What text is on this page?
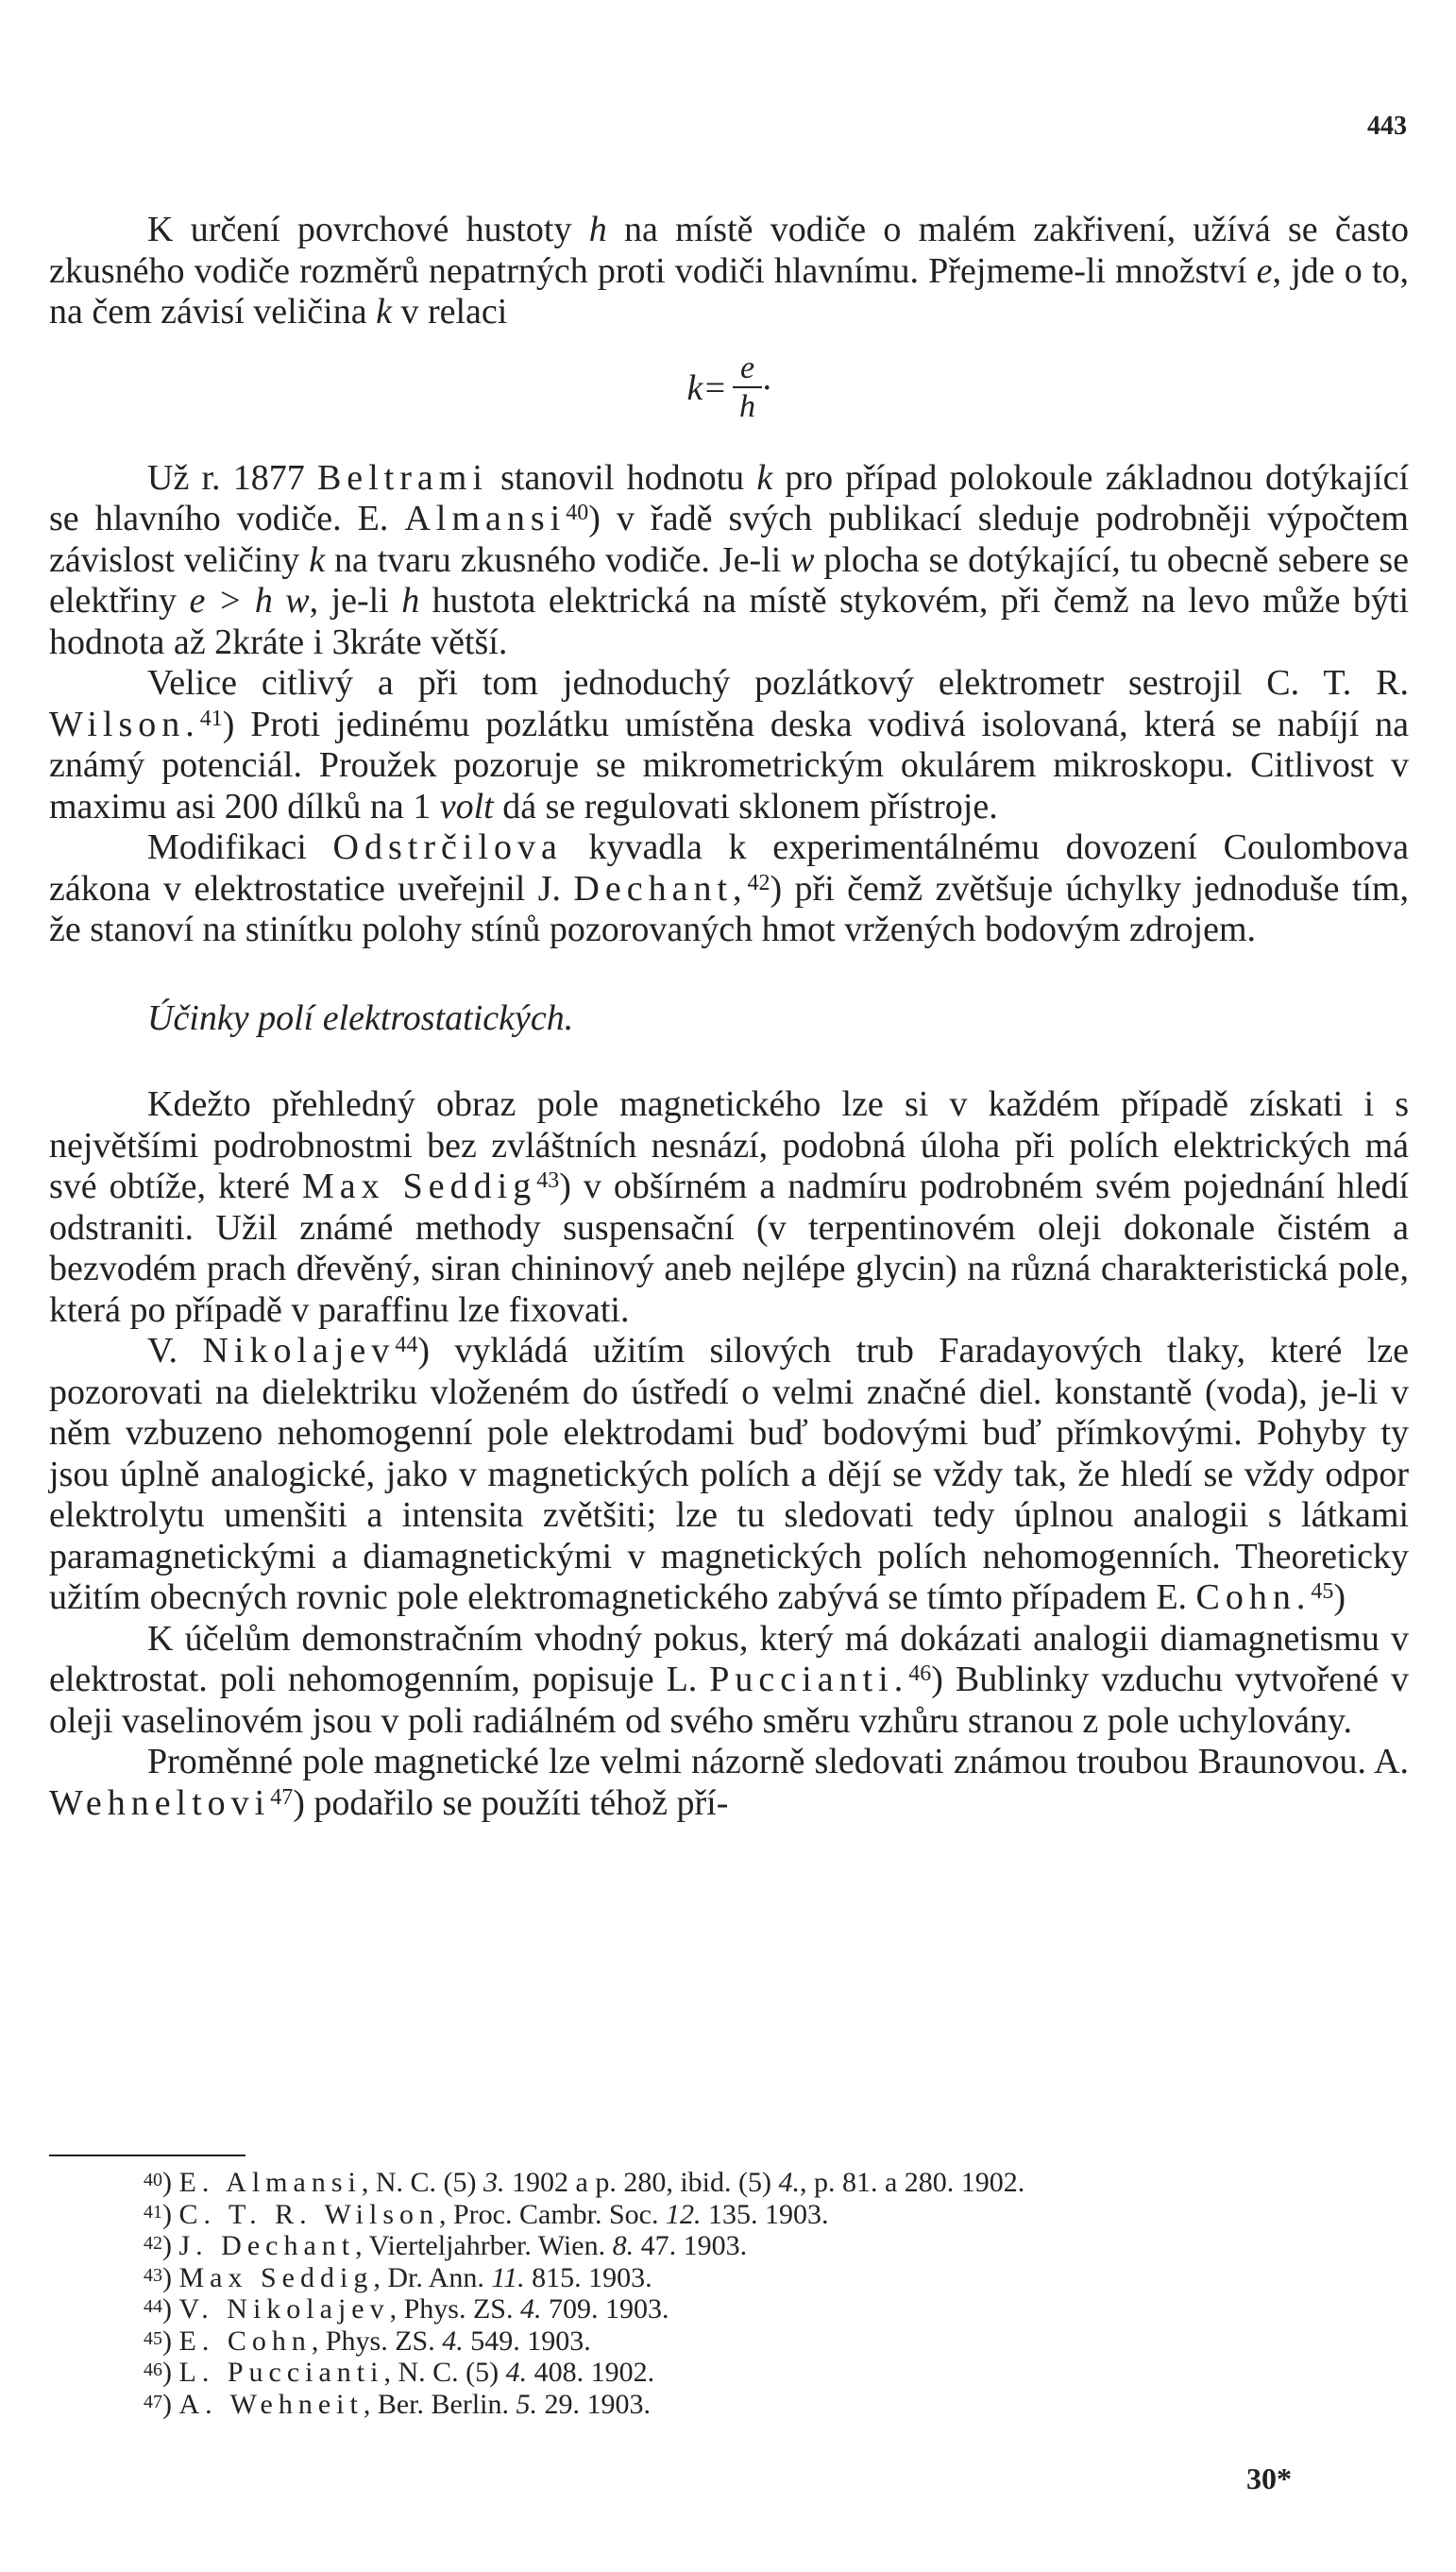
443

K určení povrchové hustoty h na místě vodiče o malém zakřivení, užívá se často zkusného vodiče rozměrů nepatrných proti vodiči hlavnímu. Přejmeme-li množství e, jde o to, na čem závisí veličina k v relaci

$k= \frac{e}{h}$ ·

Už r. 1877 Beltrami stanovil hodnotu k pro případ polokoule základnou dotýkající se hlavního vodiče. E. Almansi$^{40}$) v řadě svých publikací sleduje podrobněji výpočtem závislost veličiny k na tvaru zkusného vodiče. Je-li w plocha se dotýkající, tu obecně sebere se elektřiny e > h w, je-li h hustota elektrická na místě stykovém, při čemž na levo může býti hodnota až 2kráte i 3kráte větší.

Velice citlivý a při tom jednoduchý pozlátkový elektrometr sestrojil C. T. R. Wilson.$^{41}$) Proti jedinému pozlátku umístěna deska vodivá isolovaná, která se nabíjí na známý potenciál. Proužek pozoruje se mikrometrickým okulárem mikroskopu. Citlivost v maximu asi 200 dílků na 1 volt dá se regulovati sklonem přístroje.

Modifikaci Odstrčilova kyvadla k experimentálnému dovození Coulombova zákona v elektrostatice uveřejnil J. Dechant,$^{42}$) při čemž zvětšuje úchylky jednoduše tím, že stanoví na stinítku polohy stínů pozorovaných hmot vržených bodovým zdrojem.

Účinky polí elektrostatických.

Kdežto přehledný obraz pole magnetického lze si v každém případě získati i s největšími podrobnostmi bez zvláštních nesnází, podobná úloha při polích elektrických má své obtíže, které Max Seddig$^{43}$) v obšírném a nadmíru podrobném svém pojednání hledí odstraniti. Užil známé methody suspensační (v terpentinovém oleji dokonale čistém a bezvodém prach dřevěný, siran chininový aneb nejlépe glycin) na různá charakteristická pole, která po případě v paraffinu lze fixovati.

V. Nikolajev$^{44}$) vykládá užitím silových trub Faradayových tlaky, které lze pozorovati na dielektriku vloženém do ústředí o velmi značné diel. konstantě (voda), je-li v něm vzbuzeno nehomogenní pole elektrodami buď bodovými buď přímkovými. Pohyby ty jsou úplně analogické, jako v magnetických polích a dějí se vždy tak, že hledí se vždy odpor elektrolytu umenšiti a intensita zvětšiti; lze tu sledovati tedy úplnou analogii s látkami paramagnetickými a diamagnetickými v magnetických polích nehomogenních. Theoreticky užitím obecných rovnic pole elektromagnetického zabývá se tímto případem E. Cohn.$^{45}$)

K účelům demonstračním vhodný pokus, který má dokázati analogii diamagnetismu v elektrostat. poli nehomogenním, popisuje L. Puccianti.$^{46}$) Bublinky vzduchu vytvořené v oleji vaselinovém jsou v poli radiálném od svého směru vzhůru stranou z pole uchylovány.

Proměnné pole magnetické lze velmi názorně sledovati známou troubou Braunovou. A. Wehneltovi$^{47}$) podařilo se použíti téhož pří-

$^{40}$) E. Almansi, N. C. (5) 3. 1902 a p. 280, ibid. (5) 4., p. 81. a 280. 1902.
$^{41}$) C. T. R. Wilson, Proc. Cambr. Soc. 12. 135. 1903.
$^{42}$) J. Dechant, Vierteljahrber. Wien. 8. 47. 1903.
$^{43}$) Max Seddig, Dr. Ann. 11. 815. 1903.
$^{44}$) V. Nikolajev, Phys. ZS. 4. 709. 1903.
$^{45}$) E. Cohn, Phys. ZS. 4. 549. 1903.
$^{46}$) L. Puccianti, N. C. (5) 4. 408. 1902.
$^{47}$) A. Wehneit, Ber. Berlin. 5. 29. 1903.
30*
